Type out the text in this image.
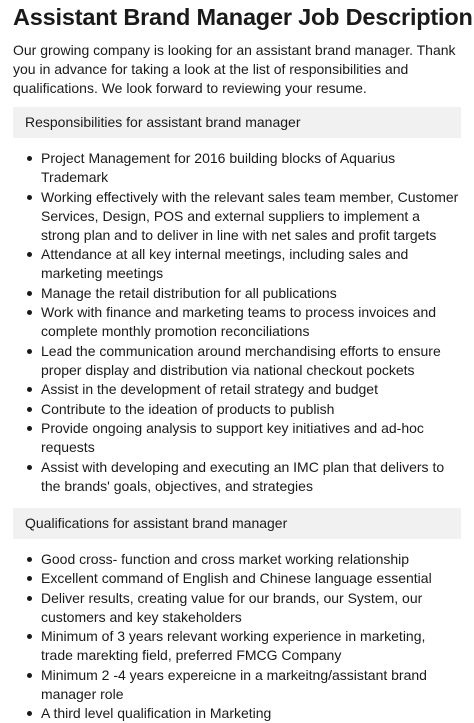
Assistant Brand Manager Job Description

Our growing company is looking for an assistant brand manager. Thank you in advance for taking a look at the list of responsibilities and qualifications. We look forward to reviewing your resume.

Responsibilities for assistant brand manager
Project Management for 2016 building blocks of Aquarius Trademark
Working effectively with the relevant sales team member, Customer Services, Design, POS and external suppliers to implement a strong plan and to deliver in line with net sales and profit targets
Attendance at all key internal meetings, including sales and marketing meetings
Manage the retail distribution for all publications
Work with finance and marketing teams to process invoices and complete monthly promotion reconciliations
Lead the communication around merchandising efforts to ensure proper display and distribution via national checkout pockets
Assist in the development of retail strategy and budget
Contribute to the ideation of products to publish
Provide ongoing analysis to support key initiatives and ad-hoc requests
Assist with developing and executing an IMC plan that delivers to the brands' goals, objectives, and strategies
Qualifications for assistant brand manager
Good cross- function and cross market working relationship
Excellent command of English and Chinese language essential
Deliver results, creating value for our brands, our System, our customers and key stakeholders
Minimum of 3 years relevant working experience in marketing, trade marekting field, preferred FMCG Company
Minimum 2 -4 years expereicne in a markeitng/assistant brand manager role
A third level qualification in Marketing
